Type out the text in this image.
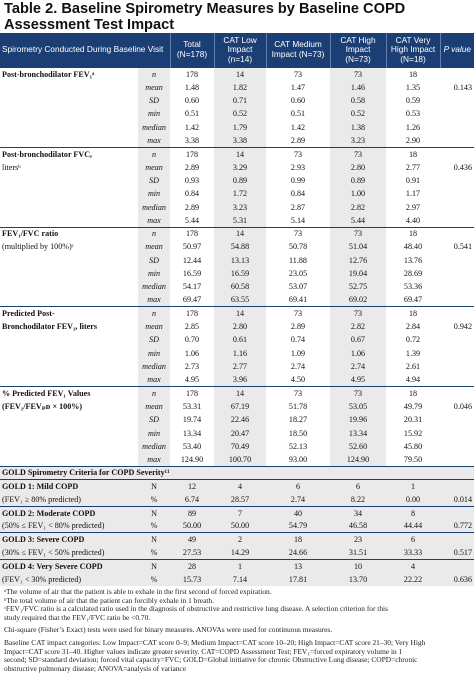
Table 2. Baseline Spirometry Measures by Baseline COPD Assessment Test Impact
Spirometry Conducted During Baseline Visit		Total (N=178)	CAT Low Impact (n=14)	CAT Medium Impact (N=73)	CAT High Impact (N=73)	CAT Very High Impact (N=18)	P value
Post-bronchodilator FEV₁ᵃ	n	178	14	73	73	18	
	mean	1.48	1.82	1.47	1.46	1.35	0.143
	SD	0.60	0.71	0.60	0.58	0.59	
	min	0.51	0.52	0.51	0.52	0.53	
	median	1.42	1.79	1.42	1.38	1.26	
	max	3.38	3.38	2.89	3.23	2.90	
Post-bronchodilator FVC,	n	178	14	73	73	18	
litersᵇ	mean	2.89	3.29	2.93	2.80	2.77	0.436
	SD	0.93	0.89	0.99	0.89	0.91	
	min	0.84	1.72	0.84	1.00	1.17	
	median	2.89	3.23	2.87	2.82	2.97	
	max	5.44	5.31	5.14	5.44	4.40	
FEV₁/FVC ratio	n	178	14	73	73	18	
(multiplied by 100%)ᶜ	mean	50.97	54.88	50.78	51.04	48.40	0.541
	SD	12.44	13.13	11.88	12.76	13.76	
	min	16.59	16.59	23.05	19.04	28.69	
	median	54.17	60.58	53.07	52.75	53.36	
	max	69.47	63.55	69.41	69.02	69.47	
Predicted Post-	n	178	14	73	73	18	
Bronchodilator FEV₁, liters	mean	2.85	2.80	2.89	2.82	2.84	0.942
	SD	0.70	0.61	0.74	0.67	0.72	
	min	1.06	1.16	1.09	1.06	1.39	
	median	2.73	2.77	2.74	2.74	2.61	
	max	4.95	3.96	4.50	4.95	4.94	
% Predicted FEV₁ Values	n	178	14	73	73	18	
(FEV₁/FEVₚᴅ × 100%)	mean	53.31	67.19	51.78	53.05	49.79	0.046
	SD	19.74	22.46	18.27	19.96	20.31	
	min	13.34	20.47	18.50	13.34	15.92	
	median	53.40	70.49	52.13	52.60	45.80	
	max	124.90	100.70	93.00	124.90	79.50	
GOLD Spirometry Criteria for COPD Severity¹¹							
GOLD 1: Mild COPD	N	12	4	6	6	1	
(FEV₁ ≥ 80% predicted)	%	6.74	28.57	2.74	8.22	0.00	0.014
GOLD 2: Moderate COPD	N	89	7	40	34	8	
(50% ≤ FEV₁ < 80% predicted)	%	50.00	50.00	54.79	46.58	44.44	0.772
GOLD 3: Severe COPD	N	49	2	18	23	6	
(30% ≤ FEV₁ < 50% predicted)	%	27.53	14.29	24.66	31.51	33.33	0.517
GOLD 4: Very Severe COPD	N	28	1	13	10	4	
(FEV₁ < 30% predicted)	%	15.73	7.14	17.81	13.70	22.22	0.636

ᵃThe volume of air that the patient is able to exhale in the first second of forced expiration.

ᵇThe total volume of air that the patient can forcibly exhale in 1 breath.

ᶜFEV₁/FVC ratio is a calculated ratio used in the diagnosis of obstructive and restrictive lung disease. A selection criterion for this

study required that the FEV₁/FVC ratio be <0.70.

Chi-square (Fisher’s Exact) tests were used for binary measures. ANOVAs were used for continuous measures.

Baseline CAT impact categories: Low Impact=CAT score 0–9; Medium Impact=CAT score 10–20; High Impact=CAT score 21–30; Very High

Impact=CAT score 31–40. Higher values indicate greater severity. CAT=COPD Assessment Test; FEV₁=forced expiratory volume in 1

second; SD=standard deviation; forced vital capacity=FVC; GOLD=Global initiative for chronic Obstructive Lung disease; COPD=chronic

obstructive pulmonary disease; ANOVA=analysis of variance
